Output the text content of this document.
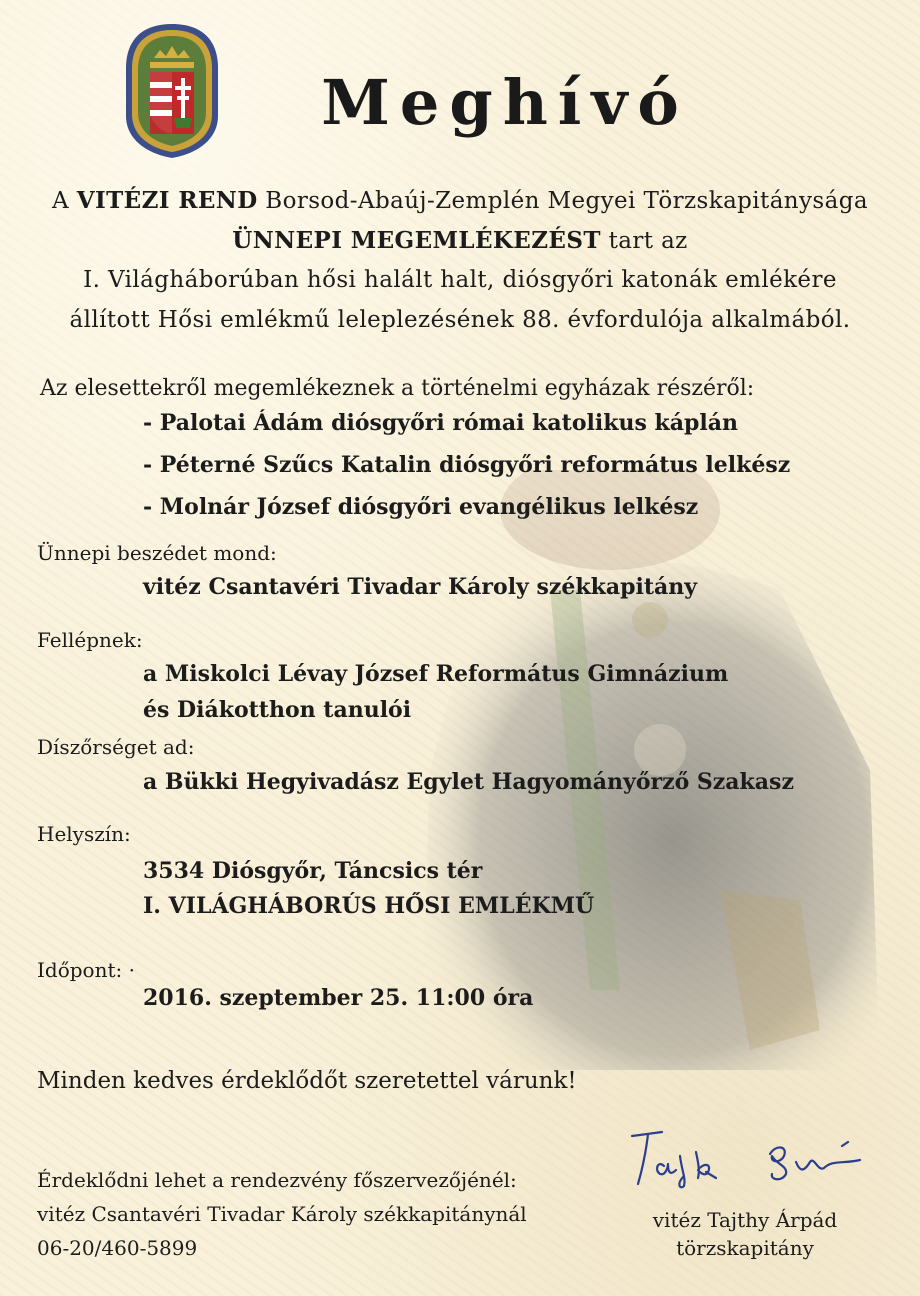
Meghívó
A VITÉZI REND Borsod-Abaúj-Zemplén Megyei Törzskapitánysága
ÜNNEPI MEGEMLÉKEZÉST tart az
I. Világháborúban hősi halált halt, diósgyőri katonák emlékére
állított Hősi emlékmű leleplezésének 88. évfordulója alkalmából.
Az elesettekről megemlékeznek a történelmi egyházak részéről:
- Palotai Ádám diósgyőri római katolikus káplán
- Péterné Szűcs Katalin diósgyőri református lelkész
- Molnár József diósgyőri evangélikus lelkész
Ünnepi beszédet mond:
vitéz Csantavéri Tivadar Károly székkapitány
Fellépnek:
a Miskolci Lévay József Református Gimnázium
és Diákotthon tanulói
Díszőrséget ad:
a Bükki Hegyivadász Egylet Hagyományőrző Szakasz
Helyszín:
3534 Diósgyőr, Táncsics tér
I. VILÁGHÁBORÚS HŐSI EMLÉKMŰ
Időpont: ·
2016. szeptember 25. 11:00 óra
Minden kedves érdeklődőt szeretettel várunk!
Érdeklődni lehet a rendezvény főszervezőjénél:
vitéz Csantavéri Tivadar Károly székkapitánynál
06-20/460-5899
vitéz Tajthy Árpád
törzskapitány
